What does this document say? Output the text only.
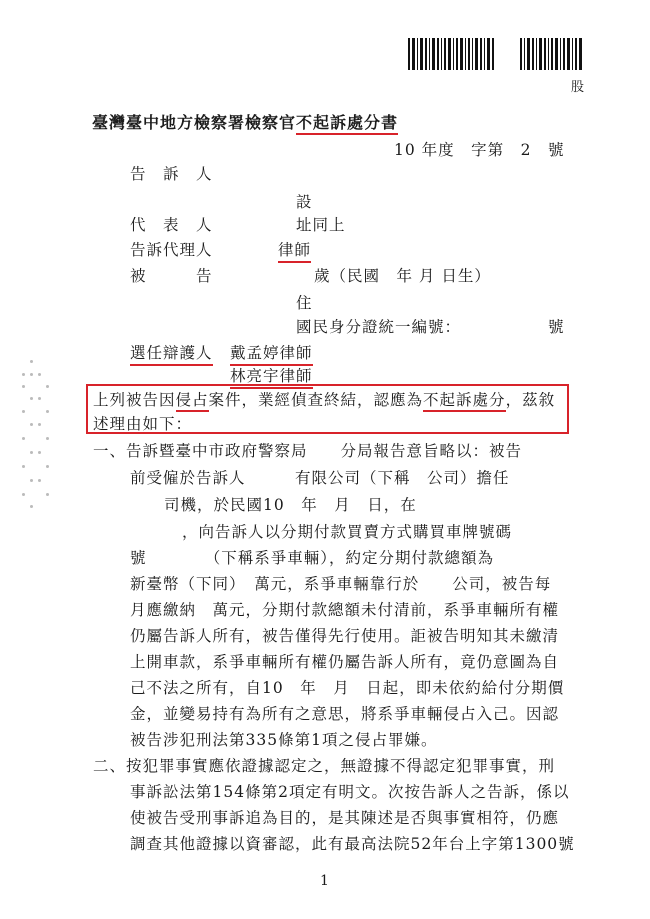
股
臺灣臺中地方檢察署檢察官不起訴處分書
10 年度　字第　2　號
告　訴　人
設
代　表　人	址同上
告訴代理人	律師
被　　　告	歲（民國　年 月 日生）
住
國民身分證統一編號：	號
選任辯護人 戴孟婷律師
林亮宇律師
上列被告因侵占案件，業經偵查終結，認應為不起訴處分，茲敘
述理由如下：
一、告訴暨臺中市政府警察局　　分局報告意旨略以：被告
前受僱於告訴人　　　有限公司（下稱　公司）擔任
司機，於民國10　年　月　日，在
，向告訴人以分期付款買賣方式購買車牌號碼
號　　　　（下稱系爭車輛），約定分期付款總額為
新臺幣（下同）　萬元，系爭車輛靠行於　　公司，被告每
月應繳納　萬元，分期付款總額未付清前，系爭車輛所有權
仍屬告訴人所有，被告僅得先行使用。詎被告明知其未繳清
上開車款，系爭車輛所有權仍屬告訴人所有，竟仍意圖為自
己不法之所有，自10　年　月　日起，即未依約給付分期價
金，並變易持有為所有之意思，將系爭車輛侵占入己。因認
被告涉犯刑法第335條第1項之侵占罪嫌。
二、按犯罪事實應依證據認定之，無證據不得認定犯罪事實，刑
事訴訟法第154條第2項定有明文。次按告訴人之告訴，係以
使被告受刑事訴追為目的，是其陳述是否與事實相符，仍應
調查其他證據以資審認，此有最高法院52年台上字第1300號
1
